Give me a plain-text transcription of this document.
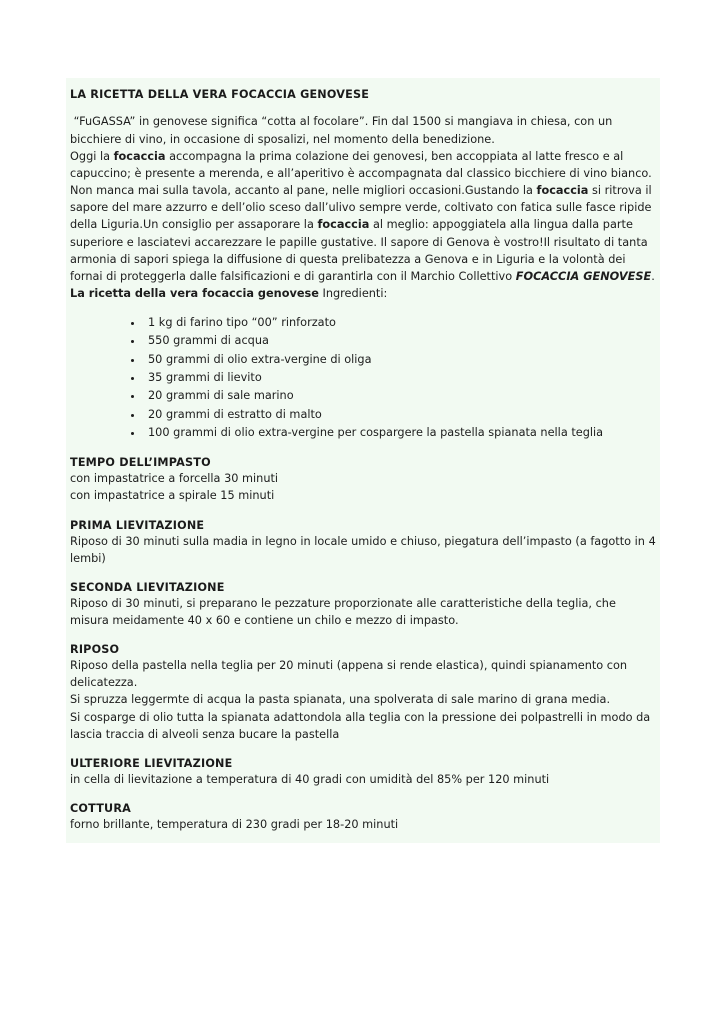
LA RICETTA DELLA VERA FOCACCIA GENOVESE

“FuGASSA” in genovese significa “cotta al focolare”. Fin dal 1500 si mangiava in chiesa, con un bicchiere di vino, in occasione di sposalizi, nel momento della benedizione.

Oggi la focaccia accompagna la prima colazione dei genovesi, ben accoppiata al latte fresco e al capuccino; è presente a merenda, e all’aperitivo è accompagnata dal classico bicchiere di vino bianco. Non manca mai sulla tavola, accanto al pane, nelle migliori occasioni.Gustando la focaccia si ritrova il sapore del mare azzurro e dell’olio sceso dall’ulivo sempre verde, coltivato con fatica sulle fasce ripide della Liguria.Un consiglio per assaporare la focaccia al meglio: appoggiatela alla lingua dalla parte superiore e lasciatevi accarezzare le papille gustative. Il sapore di Genova è vostro!Il risultato di tanta armonia di sapori spiega la diffusione di questa prelibatezza a Genova e in Liguria e la volontà dei fornai di proteggerla dalle falsificazioni e di garantirla con il Marchio Collettivo FOCACCIA GENOVESE.

La ricetta della vera focaccia genovese Ingredienti:

• 1 kg di farino tipo “00” rinforzato
• 550 grammi di acqua
• 50 grammi di olio extra-vergine di oliga
• 35 grammi di lievito
• 20 grammi di sale marino
• 20 grammi di estratto di malto
• 100 grammi di olio extra-vergine per cospargere la pastella spianata nella teglia
TEMPO DELL’IMPASTO
con impastatrice a forcella 30 minuti
con impastatrice a spirale 15 minuti
PRIMA LIEVITAZIONE
Riposo di 30 minuti sulla madia in legno in locale umido e chiuso, piegatura dell’impasto (a fagotto in 4 lembi)
SECONDA LIEVITAZIONE
Riposo di 30 minuti, si preparano le pezzature proporzionate alle caratteristiche della teglia, che misura meidamente 40 x 60 e contiene un chilo e mezzo di impasto.
RIPOSO
Riposo della pastella nella teglia per 20 minuti (appena si rende elastica), quindi spianamento con delicatezza.
Si spruzza leggermte di acqua la pasta spianata, una spolverata di sale marino di grana media.
Si cosparge di olio tutta la spianata adattondola alla teglia con la pressione dei polpastrelli in modo da lascia traccia di alveoli senza bucare la pastella
ULTERIORE LIEVITAZIONE
in cella di lievitazione a temperatura di 40 gradi con umidità del 85% per 120 minuti
COTTURA
forno brillante, temperatura di 230 gradi per 18-20 minuti
